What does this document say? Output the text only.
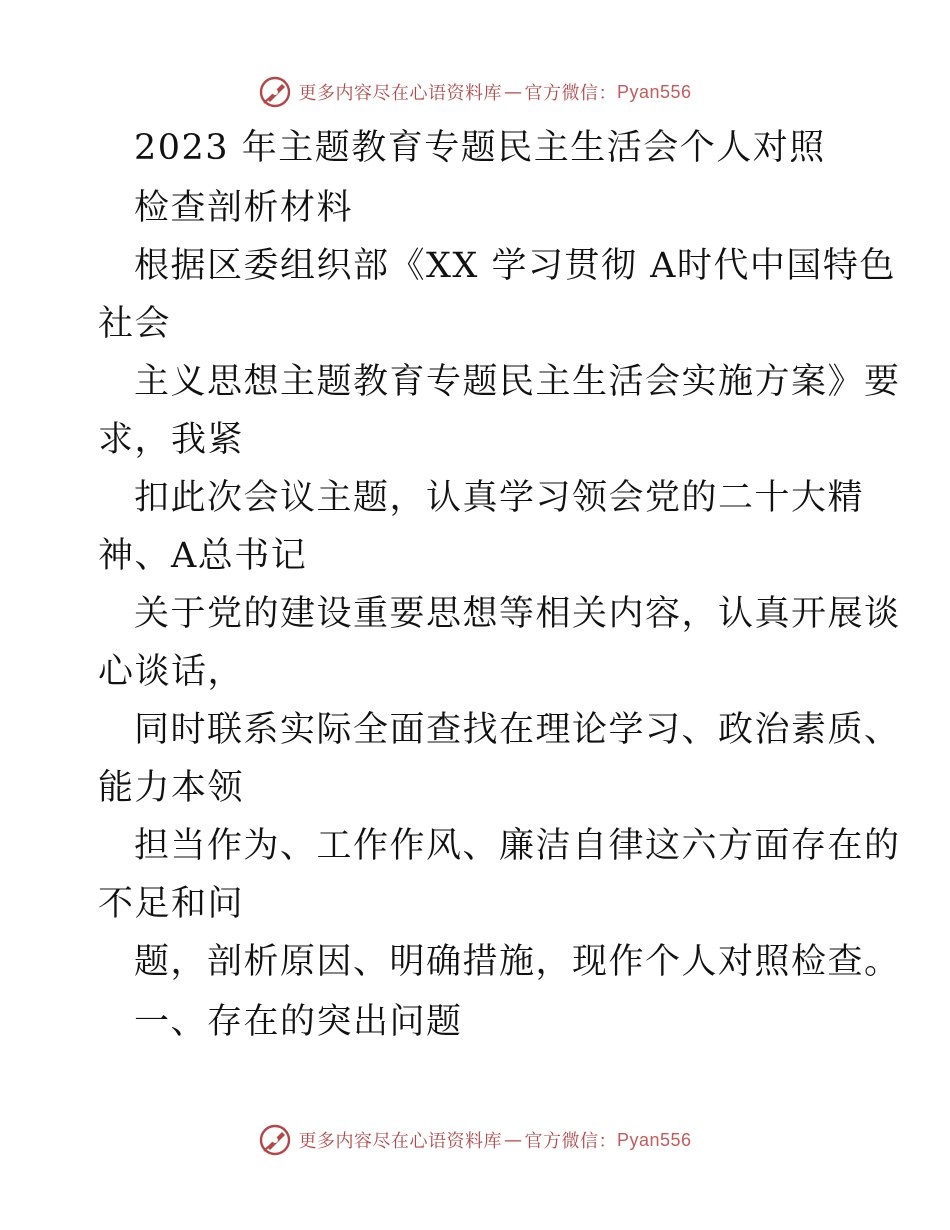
更多内容尽在心语资料库 — 官方微信： Pyan556
2023 年主题教育专题民主生活会个人对照
检查剖析材料
根据区委组织部《XX 学习贯彻 A时代中国特色
社会
主义思想主题教育专题民主生活会实施方案》要
求，我紧
扣此次会议主题，认真学习领会党的二十大精
神、A总书记
关于党的建设重要思想等相关内容，认真开展谈
心谈话，
同时联系实际全面查找在理论学习、政治素质、
能力本领
担当作为、工作作风、廉洁自律这六方面存在的
不足和问
题，剖析原因、明确措施，现作个人对照检查。
一、存在的突出问题
更多内容尽在心语资料库 — 官方微信： Pyan556
